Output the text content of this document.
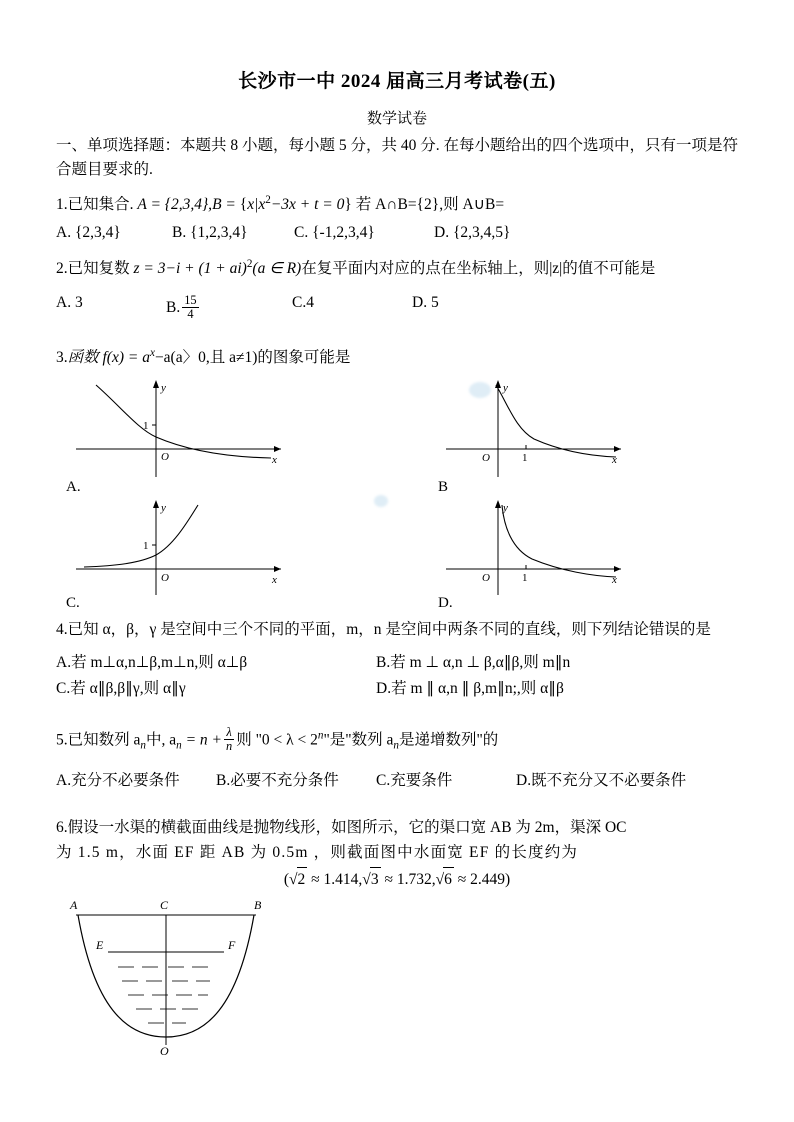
长沙市一中 2024 届高三月考试卷(五)
数学试卷
一、单项选择题：本题共 8 小题，每小题 5 分，共 40 分. 在每小题给出的四个选项中，只有一项是符合题目要求的.
1.已知集合. $A = \{2,3,4\},B = \{x|x^2-3x + t = 0\}$ 若 A∩B={2},则 A∪B=
A. {2,3,4}	B. {1,2,3,4}	C. {-1,2,3,4}	D. {2,3,4,5}
2.已知复数 z = 3−i + (1 + ai)$^2$(a ∈ R)在复平面内对应的点在坐标轴上，则|z|的值不可能是
A. 3	B. $\frac{15}{4}$	C.4	D. 5
3.函数 $f(x) = a^x-a(a$〉0,且 a≠1)的图象可能是
y
x
O
1
A.
y
x
O	1
B
y
x
O
1
C.
y
x
O	1
D.
4.已知 α，β，γ 是空间中三个不同的平面，m，n 是空间中两条不同的直线，则下列结论错误的是
A.若 m⊥α,n⊥β,m⊥n,则 α⊥β	B.若 m ⊥ α,n ⊥ β,α∥β,则 m∥n
C.若 α∥β,β∥γ,则 α∥γ	D.若 m ∥ α,n ∥ β,m∥n;,则 α∥β
5.已知数列 $a_n$中, $a_n = n + \frac{\lambda}{n}$ 则 "$0 < \lambda < 2^n$"是"数列 $a_n$是递增数列"的
A.充分不必要条件	B.必要不充分条件	C.充要条件	D.既不充分又不必要条件
6.假设一水渠的横截面曲线是抛物线形，如图所示，它的渠口宽 AB 为 2m，渠深 OC
为 1.5 m，水面 EF 距 AB 为 0.5m ，则截面图中水面宽 EF 的长度约为
(√2 ≈ 1.414,√3 ≈ 1.732,√6 ≈ 2.449)
A	C	B
E	F
O
